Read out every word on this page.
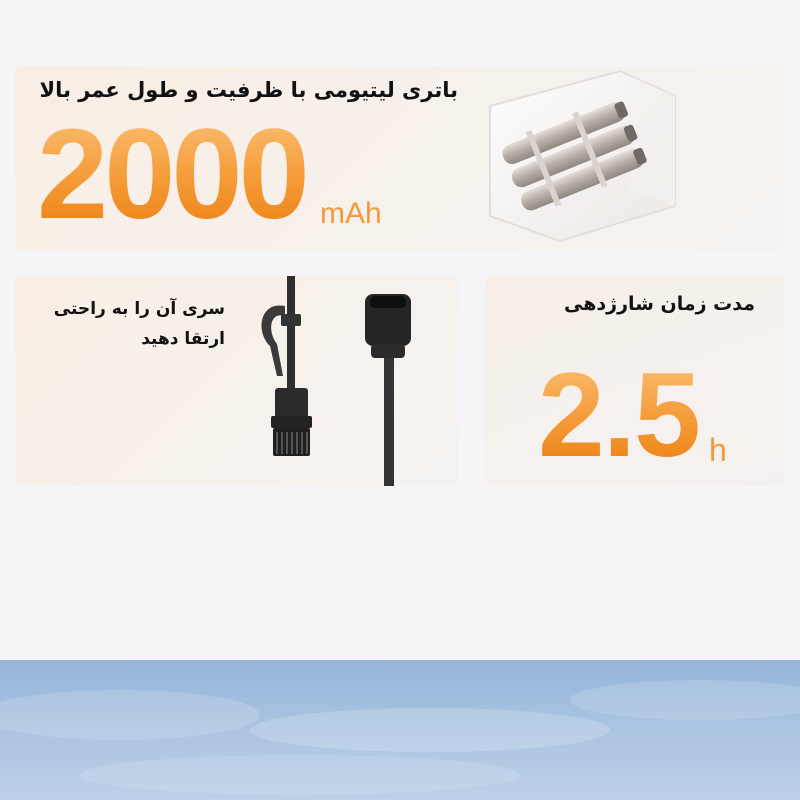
باتری لیتیومی با ظرفیت و طول عمر بالا
2000 mAh
سری آن را به راحتی
ارتقا دهید
مدت زمان شارژدهی
2.5 h
